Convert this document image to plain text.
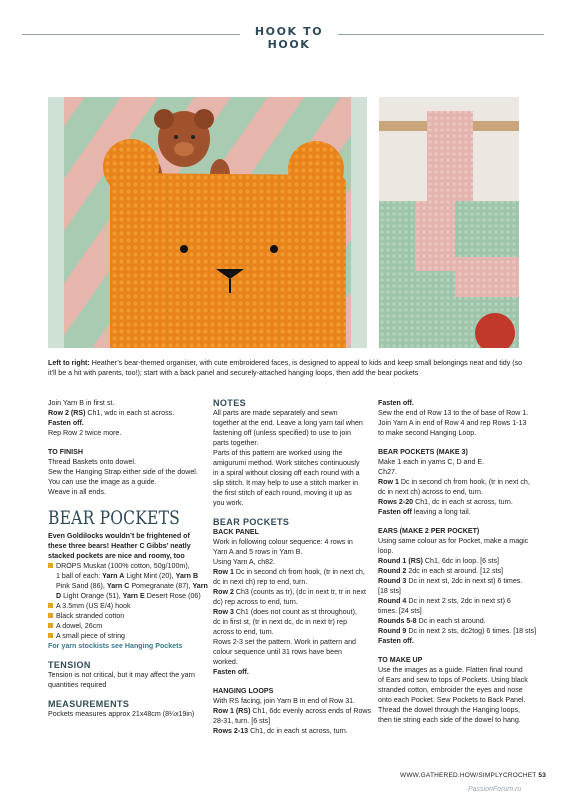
HOOK TO HOOK
Left to right: Heather’s bear-themed organiser, with cute embroidered faces, is designed to appeal to kids and keep small belongings neat and tidy (so it’ll be a hit with parents, too!); start with a back panel and securely-attached hanging loops, then add the bear pockets

Join Yarn B in first st.

Row 2 (RS) Ch1, wdc in each st across.

Fasten off.

Rep Row 2 twice more.

TO FINISH

Thread Baskets onto dowel.

Sew the Hanging Strap either side of the dowel.

You can use the image as a guide.

Weave in all ends.

BEAR POCKETS

Even Goldilocks wouldn’t be frightened of these three bears! Heather C Gibbs’ neatly stacked pockets are nice and roomy, too

DROPS Muskat (100% cotton, 50g/100m),

1 ball of each: Yarn A Light Mint (20), Yarn B

Pink Sand (86), Yarn C Pomegranate (87), Yarn

D Light Orange (51), Yarn E Desert Rose (06)

A 3.5mm (US E/4) hook

Black stranded cotton

A dowel, 26cm

A small piece of string

For yarn stockists see Hanging Pockets

TENSION

Tension is not critical, but it may affect the yarn

quantities required

MEASUREMENTS

Pockets measures approx 21x48cm (8¼x19in)

NOTES

All parts are made separately and sewn

together at the end. Leave a long yarn tail when

fastening off (unless specified) to use to join

parts together.

Parts of this pattern are worked using the

amigurumi method. Work stitches continuously

in a spiral without closing off each round with a

slip stitch. It may help to use a stitch marker in

the first stitch of each round, moving it up as

you work.

BEAR POCKETS

BACK PANEL

Work in following colour sequence: 4 rows in

Yarn A and 5 rows in Yarn B.

Using Yarn A, ch82.

Row 1 Dc in second ch from hook, (tr in next ch,

dc in next ch) rep to end, turn.

Row 2 Ch3 (counts as tr), (dc in next tr, tr in next

dc) rep across to end, turn.

Row 3 Ch1 (does not count as st throughout),

dc in first st, (tr in next dc, dc in next tr) rep

across to end, turn.

Rows 2-3 set the pattern. Work in pattern and

colour sequence until 31 rows have been

worked.

Fasten off.

HANGING LOOPS

With RS facing, join Yarn B in end of Row 31.

Row 1 (RS) Ch1, 6dc evenly across ends of Rows

28-31, turn. [6 sts]

Rows 2-13 Ch1, dc in each st across, turn.

Fasten off.

Sew the end of Row 13 to the of base of Row 1.

Join Yarn A in end of Row 4 and rep Rows 1-13

to make second Hanging Loop.

BEAR POCKETS (MAKE 3)

Make 1 each in yarns C, D and E.

Ch27.

Row 1 Dc in second ch from hook, (tr in next ch,

dc in next ch) across to end, turn.

Rows 2-20 Ch1, dc in each st across, turn.

Fasten off leaving a long tail.

EARS (MAKE 2 PER POCKET)

Using same colour as for Pocket, make a magic

loop.

Round 1 (RS) Ch1, 6dc in loop. [6 sts]

Round 2 2dc in each st around. [12 sts]

Round 3 Dc in next st, 2dc in next st) 6 times.

[18 sts]

Round 4 Dc in next 2 sts, 2dc in next st) 6

times. [24 sts]

Rounds 5-8 Dc in each st around.

Round 9 Dc in next 2 sts, dc2tog) 6 times. [18 sts]

Fasten off.

TO MAKE UP

Use the images as a guide. Flatten final round

of Ears and sew to tops of Pockets. Using black

stranded cotton, embroider the eyes and nose

onto each Pocket. Sew Pockets to Back Panel.

Thread the dowel through the Hanging loops,

then tie string each side of the dowel to hang.

WWW.GATHERED.HOW/SIMPLYCROCHET 53
PassionForum.ru
